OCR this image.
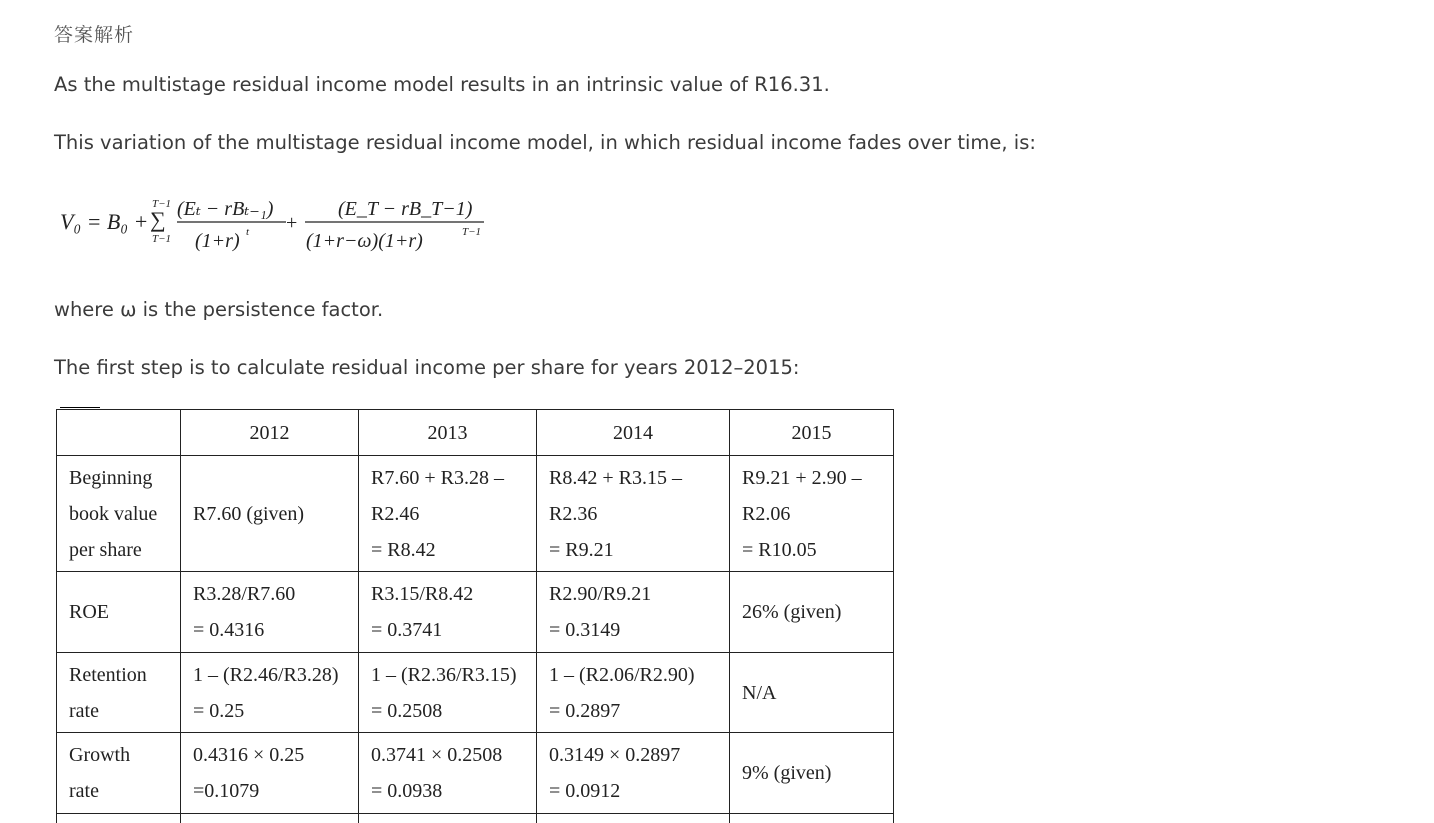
答案解析
As the multistage residual income model results in an intrinsic value of R16.31.
This variation of the multistage residual income model, in which residual income fades over time, is:
V₀ = B₀ +
T−1
∑
T−1
(Eₜ − rBₜ₋₁)
(1+r) t +
(E_T − rB_T−1)
(1+r−ω)(1+r)	T−1
where ω is the persistence factor.
The first step is to calculate residual income per share for years 2012–2015:
	2012	2013	2014	2015

Beginning
book value
per share	R7.60 (given)	R7.60 + R3.28 –
R2.46
= R8.42	R8.42 + R3.15 –
R2.36
= R9.21	R9.21 + 2.90 –
R2.06
= R10.05

ROE	R3.28/R7.60
= 0.4316	R3.15/R8.42
= 0.3741	R2.90/R9.21
= 0.3149	26% (given)

Retention
rate	1 – (R2.46/R3.28)
= 0.25	1 – (R2.36/R3.15)
= 0.2508	1 – (R2.06/R2.90)
= 0.2897	N/A

Growth
rate	0.4316 × 0.25
=0.1079	0.3741 × 0.2508
= 0.0938	0.3149 × 0.2897
= 0.0912	9% (given)
